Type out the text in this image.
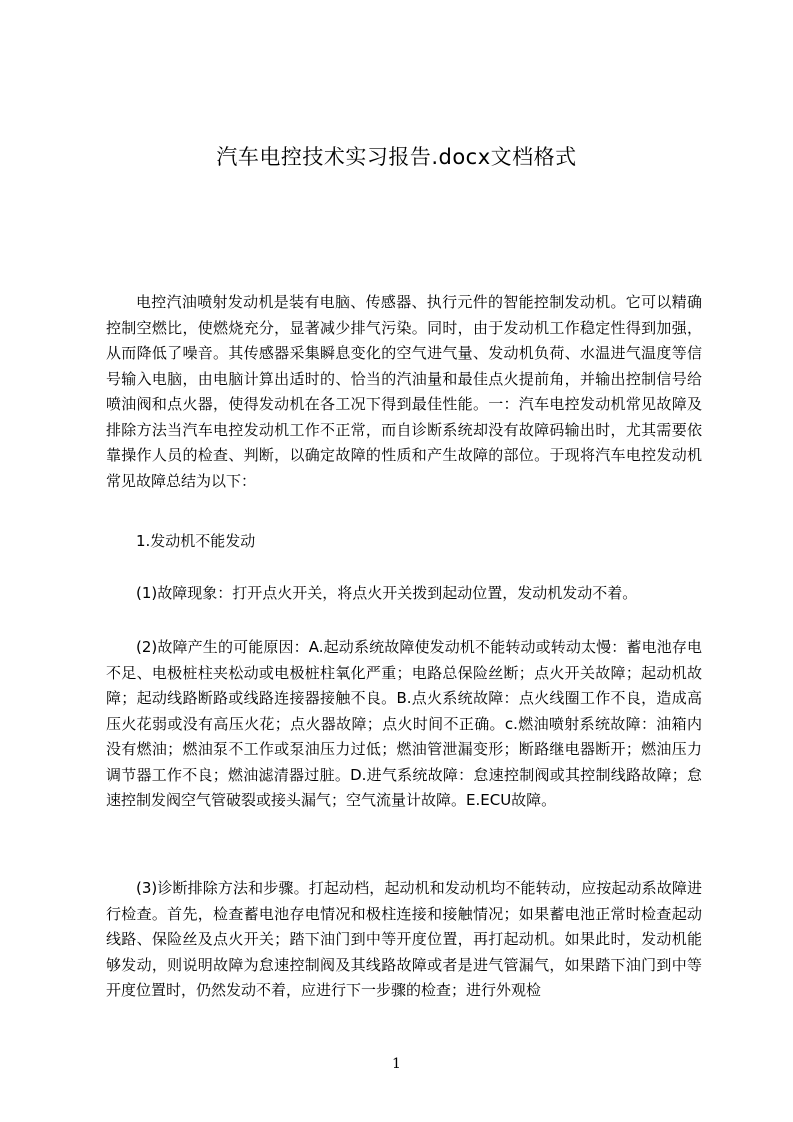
汽车电控技术实习报告.docx文档格式

电控汽油喷射发动机是装有电脑、传感器、执行元件的智能控制发动机。它可以精确控制空燃比，使燃烧充分，显著减少排气污染。同时，由于发动机工作稳定性得到加强，从而降低了噪音。其传感器采集瞬息变化的空气进气量、发动机负荷、水温进气温度等信号输入电脑，由电脑计算出适时的、恰当的汽油量和最佳点火提前角，并输出控制信号给喷油阀和点火器，使得发动机在各工况下得到最佳性能。一：汽车电控发动机常见故障及排除方法当汽车电控发动机工作不正常，而自诊断系统却没有故障码输出时，尤其需要依靠操作人员的检查、判断，以确定故障的性质和产生故障的部位。于现将汽车电控发动机常见故障总结为以下：

1.发动机不能发动

(1)故障现象：打开点火开关，将点火开关拨到起动位置，发动机发动不着。

(2)故障产生的可能原因：A.起动系统故障使发动机不能转动或转动太慢：蓄电池存电不足、电极桩柱夹松动或电极桩柱氧化严重；电路总保险丝断；点火开关故障；起动机故障；起动线路断路或线路连接器接触不良。B.点火系统故障：点火线圈工作不良，造成高压火花弱或没有高压火花；点火器故障；点火时间不正确。c.燃油喷射系统故障：油箱内没有燃油；燃油泵不工作或泵油压力过低；燃油管泄漏变形；断路继电器断开；燃油压力调节器工作不良；燃油滤清器过脏。D.进气系统故障：怠速控制阀或其控制线路故障；怠速控制发阀空气管破裂或接头漏气；空气流量计故障。E.ECU故障。

(3)诊断排除方法和步骤。打起动档，起动机和发动机均不能转动，应按起动系故障进行检查。首先，检查蓄电池存电情况和极柱连接和接触情况；如果蓄电池正常时检查起动线路、保险丝及点火开关；踏下油门到中等开度位置，再打起动机。如果此时，发动机能够发动，则说明故障为怠速控制阀及其线路故障或者是进气管漏气，如果踏下油门到中等开度位置时，仍然发动不着，应进行下一步骤的检查；进行外观检

1
